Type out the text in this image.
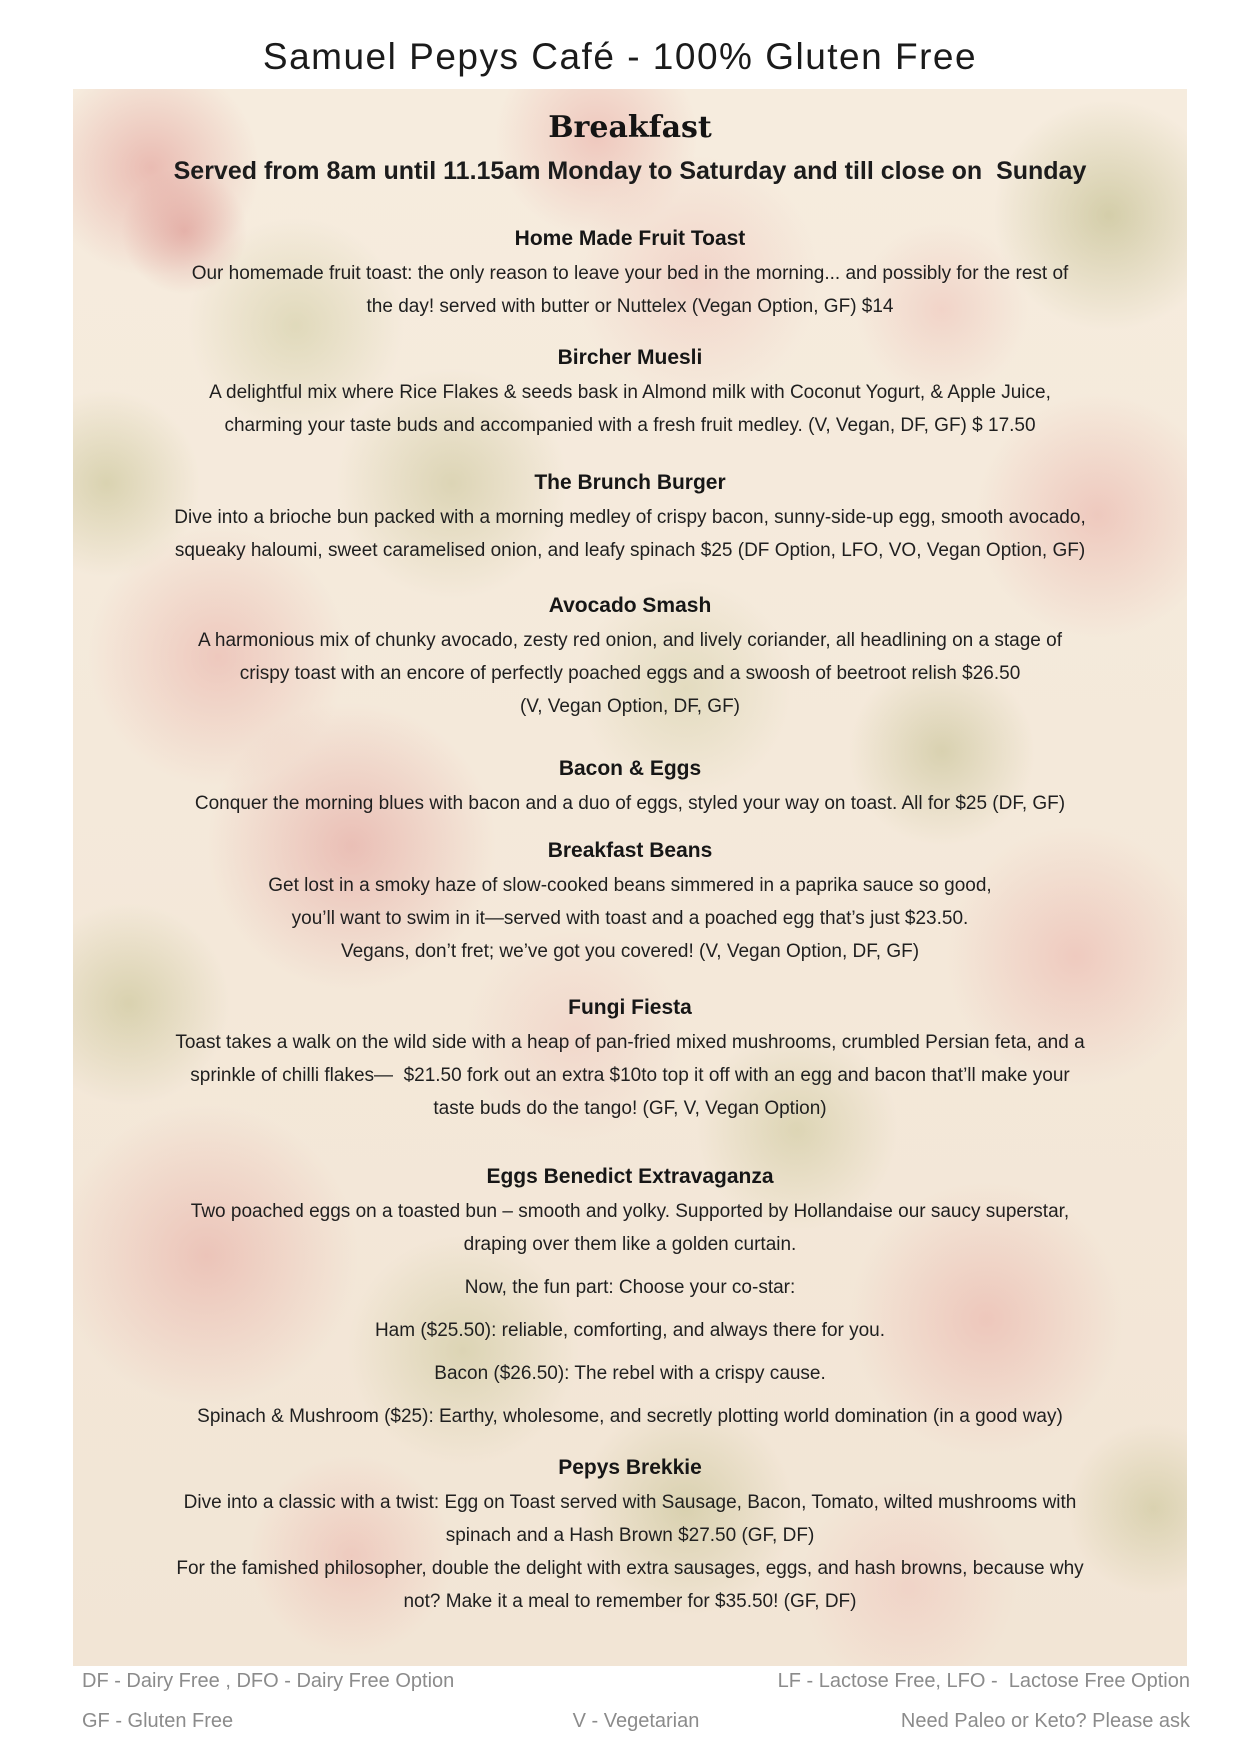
Samuel Pepys Café - 100% Gluten Free
Breakfast
Served from 8am until 11.15am Monday to Saturday and till close on  Sunday
Home Made Fruit Toast
Our homemade fruit toast: the only reason to leave your bed in the morning... and possibly for the rest of
the day! served with butter or Nuttelex (Vegan Option, GF) $14
Bircher Muesli
A delightful mix where Rice Flakes & seeds bask in Almond milk with Coconut Yogurt, & Apple Juice,
charming your taste buds and accompanied with a fresh fruit medley. (V, Vegan, DF, GF) $ 17.50
The Brunch Burger
Dive into a brioche bun packed with a morning medley of crispy bacon, sunny-side-up egg, smooth avocado,
squeaky haloumi, sweet caramelised onion, and leafy spinach $25 (DF Option, LFO, VO, Vegan Option, GF)
Avocado Smash
A harmonious mix of chunky avocado, zesty red onion, and lively coriander, all headlining on a stage of
crispy toast with an encore of perfectly poached eggs and a swoosh of beetroot relish $26.50
(V, Vegan Option, DF, GF)
Bacon & Eggs
Conquer the morning blues with bacon and a duo of eggs, styled your way on toast. All for $25 (DF, GF)
Breakfast Beans
Get lost in a smoky haze of slow-cooked beans simmered in a paprika sauce so good,
you’ll want to swim in it—served with toast and a poached egg that’s just $23.50.
Vegans, don’t fret; we’ve got you covered! (V, Vegan Option, DF, GF)
Fungi Fiesta
Toast takes a walk on the wild side with a heap of pan-fried mixed mushrooms, crumbled Persian feta, and a
sprinkle of chilli flakes—  $21.50 fork out an extra $10to top it off with an egg and bacon that’ll make your
taste buds do the tango! (GF, V, Vegan Option)
Eggs Benedict Extravaganza
Two poached eggs on a toasted bun – smooth and yolky. Supported by Hollandaise our saucy superstar,
draping over them like a golden curtain.
Now, the fun part: Choose your co-star:
Ham ($25.50): reliable, comforting, and always there for you.
Bacon ($26.50): The rebel with a crispy cause.
Spinach & Mushroom ($25): Earthy, wholesome, and secretly plotting world domination (in a good way)
Pepys Brekkie
Dive into a classic with a twist: Egg on Toast served with Sausage, Bacon, Tomato, wilted mushrooms with
spinach and a Hash Brown $27.50 (GF, DF)
For the famished philosopher, double the delight with extra sausages, eggs, and hash browns, because why
not? Make it a meal to remember for $35.50! (GF, DF)
DF - Dairy Free , DFO - Dairy Free Option	LF - Lactose Free, LFO -  Lactose Free Option
GF - Gluten Free	V - Vegetarian	Need Paleo or Keto? Please ask
